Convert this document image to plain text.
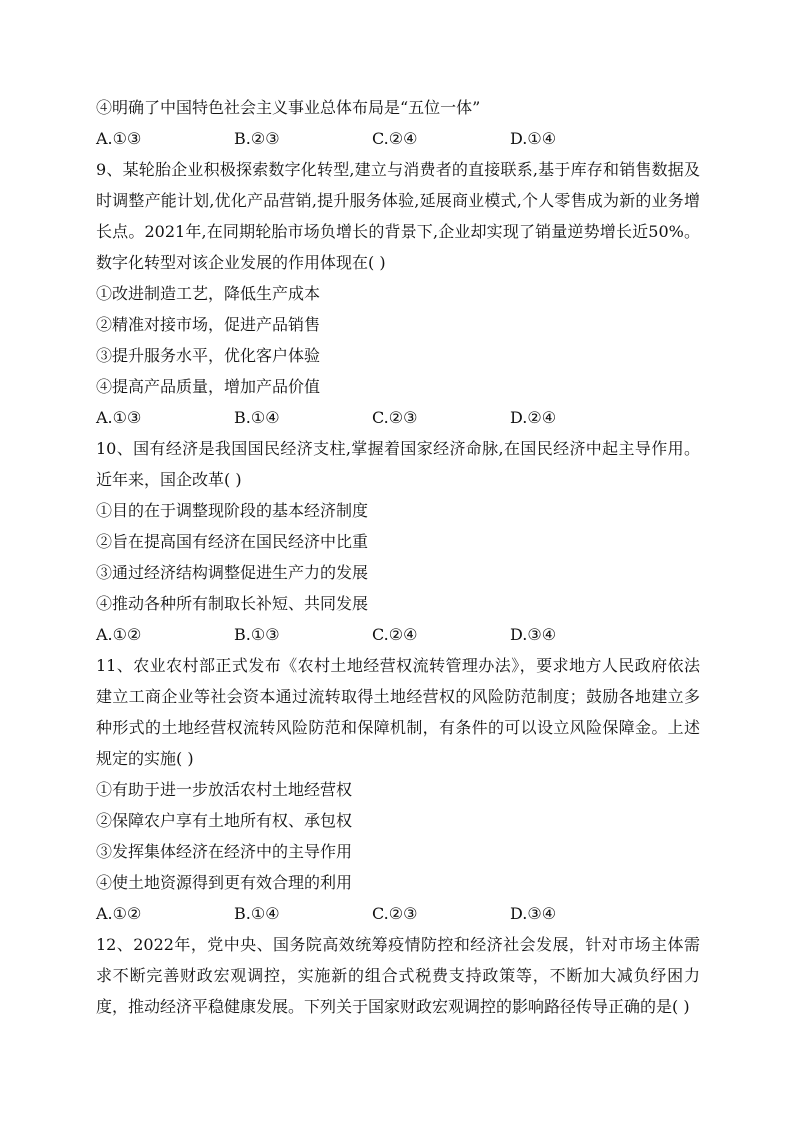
④明确了中国特色社会主义事业总体布局是“五位一体”
A.①③	B.②③	C.②④	D.①④
9、某轮胎企业积极探索数字化转型,建立与消费者的直接联系,基于库存和销售数据及时调整产能计划,优化产品营销,提升服务体验,延展商业模式,个人零售成为新的业务增长点。2021年,在同期轮胎市场负增长的背景下,企业却实现了销量逆势增长近50%。数字化转型对该企业发展的作用体现在( )
①改进制造工艺，降低生产成本
②精准对接市场，促进产品销售
③提升服务水平，优化客户体验
④提高产品质量，增加产品价值
A.①③	B.①④	C.②③	D.②④
10、国有经济是我国国民经济支柱,掌握着国家经济命脉,在国民经济中起主导作用。近年来，国企改革( )
①目的在于调整现阶段的基本经济制度
②旨在提高国有经济在国民经济中比重
③通过经济结构调整促进生产力的发展
④推动各种所有制取长补短、共同发展
A.①②	B.①③	C.②④	D.③④
11、农业农村部正式发布《农村土地经营权流转管理办法》，要求地方人民政府依法建立工商企业等社会资本通过流转取得土地经营权的风险防范制度；鼓励各地建立多种形式的土地经营权流转风险防范和保障机制，有条件的可以设立风险保障金。上述规定的实施( )
①有助于进一步放活农村土地经营权
②保障农户享有土地所有权、承包权
③发挥集体经济在经济中的主导作用
④使土地资源得到更有效合理的利用
A.①②	B.①④	C.②③	D.③④
12、2022年，党中央、国务院高效统筹疫情防控和经济社会发展，针对市场主体需求不断完善财政宏观调控，实施新的组合式税费支持政策等，不断加大减负纾困力度，推动经济平稳健康发展。下列关于国家财政宏观调控的影响路径传导正确的是( )
